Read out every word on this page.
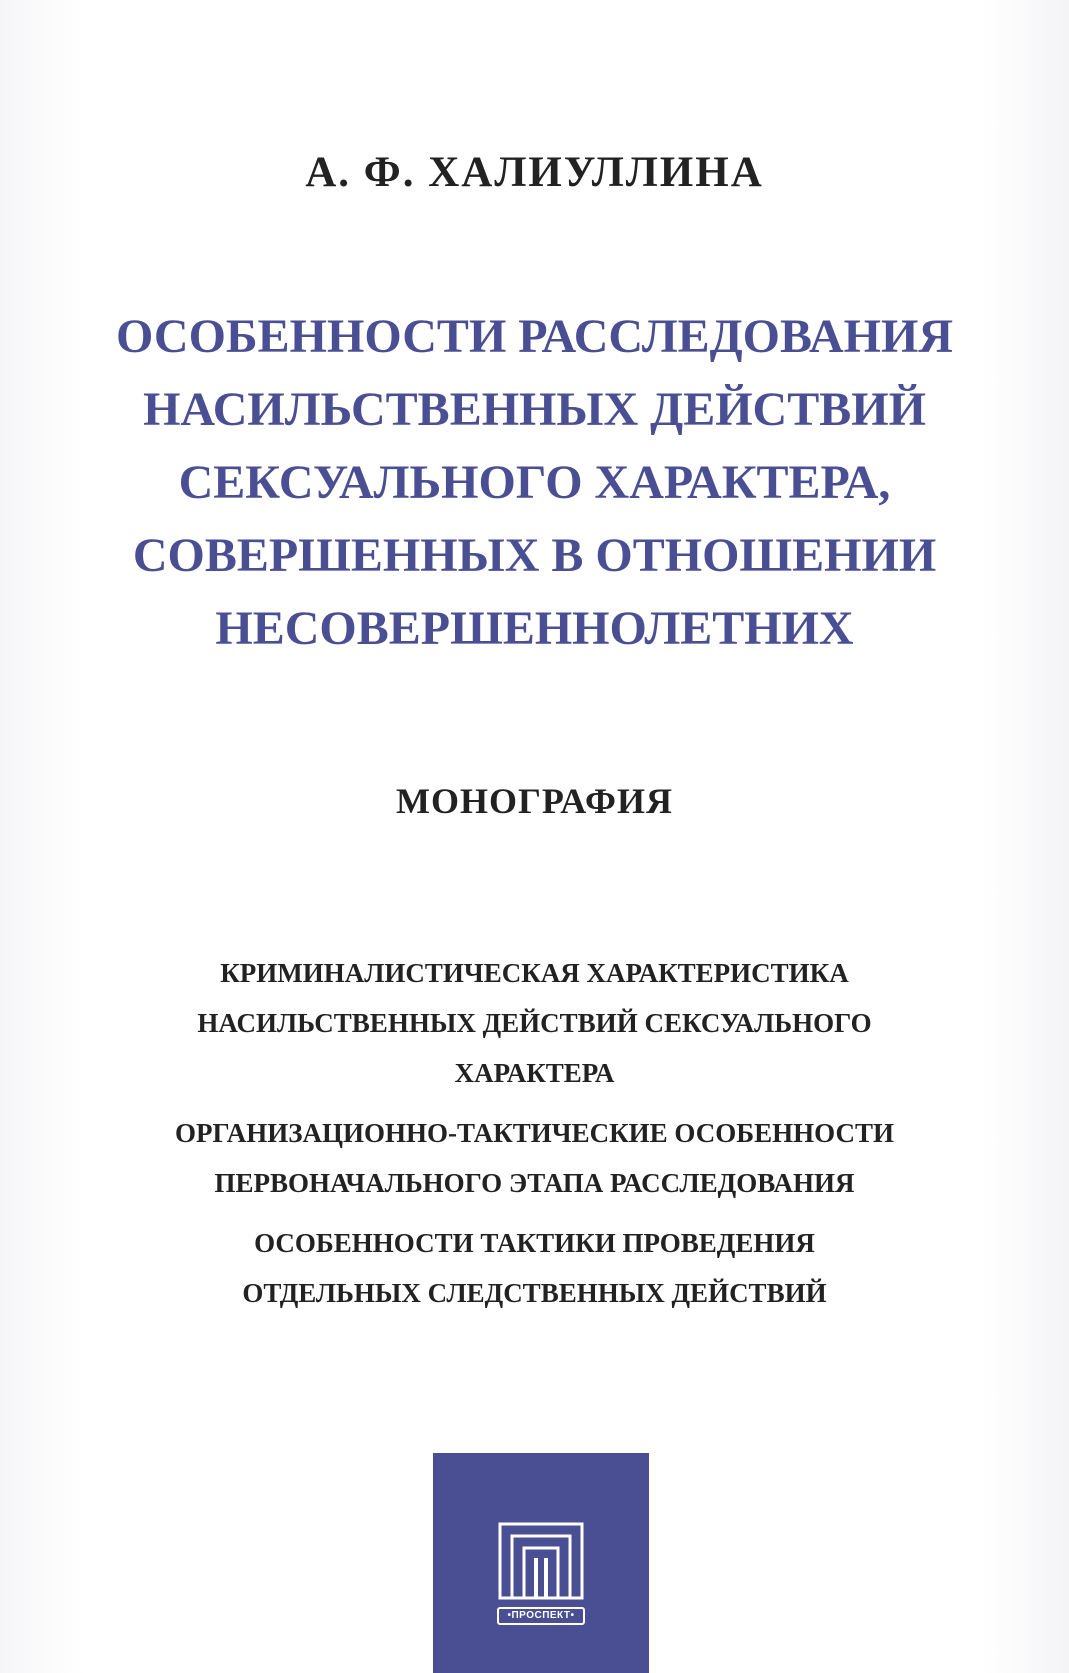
А. Ф. ХАЛИУЛЛИНА
ОСОБЕННОСТИ РАССЛЕДОВАНИЯ
НАСИЛЬСТВЕННЫХ ДЕЙСТВИЙ
СЕКСУАЛЬНОГО ХАРАКТЕРА,
СОВЕРШЕННЫХ В ОТНОШЕНИИ
НЕСОВЕРШЕННОЛЕТНИХ
МОНОГРАФИЯ
КРИМИНАЛИСТИЧЕСКАЯ ХАРАКТЕРИСТИКА
НАСИЛЬСТВЕННЫХ ДЕЙСТВИЙ СЕКСУАЛЬНОГО
ХАРАКТЕРА
ОРГАНИЗАЦИОННО-ТАКТИЧЕСКИЕ ОСОБЕННОСТИ
ПЕРВОНАЧАЛЬНОГО ЭТАПА РАССЛЕДОВАНИЯ
ОСОБЕННОСТИ ТАКТИКИ ПРОВЕДЕНИЯ
ОТДЕЛЬНЫХ СЛЕДСТВЕННЫХ ДЕЙСТВИЙ
•ПРОСПЕКТ•
